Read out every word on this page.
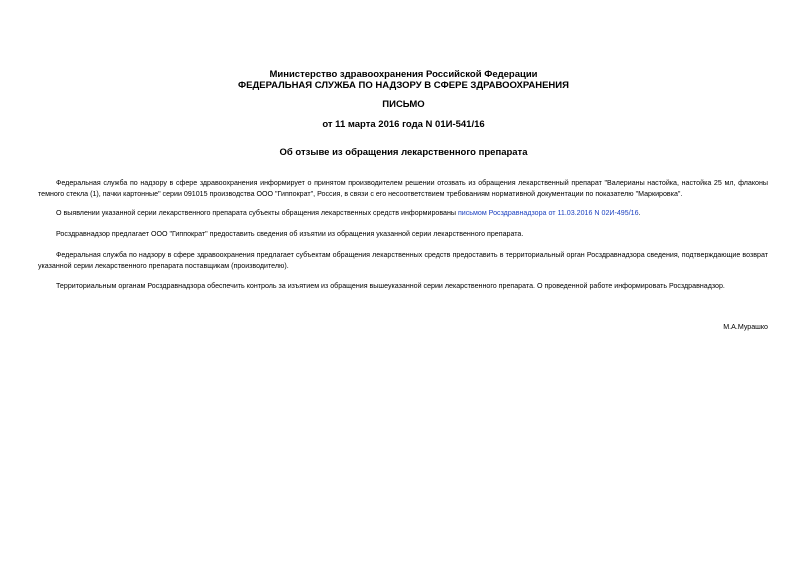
Министерство здравоохранения Российской Федерации
ФЕДЕРАЛЬНАЯ СЛУЖБА ПО НАДЗОРУ В СФЕРЕ ЗДРАВООХРАНЕНИЯ
ПИСЬМО
от 11 марта 2016 года N 01И-541/16
Об отзыве из обращения лекарственного препарата

Федеральная служба по надзору в сфере здравоохранения информирует о принятом производителем решении отозвать из обращения лекарственный препарат "Валерианы настойка, настойка 25 мл, флаконы темного стекла (1), пачки картонные" серии 091015 производства ООО "Гиппократ", Россия, в связи с его несоответствием требованиям нормативной документации по показателю "Маркировка".

О выявлении указанной серии лекарственного препарата субъекты обращения лекарственных средств информированы письмом Росздравнадзора от 11.03.2016 N 02И-495/16.

Росздравнадзор предлагает ООО "Гиппократ" предоставить сведения об изъятии из обращения указанной серии лекарственного препарата.

Федеральная служба по надзору в сфере здравоохранения предлагает субъектам обращения лекарственных средств предоставить в территориальный орган Росздравнадзора сведения, подтверждающие возврат указанной серии лекарственного препарата поставщикам (производителю).

Территориальным органам Росздравнадзора обеспечить контроль за изъятием из обращения вышеуказанной серии лекарственного препарата. О проведенной работе информировать Росздравнадзор.

М.А.Мурашко
